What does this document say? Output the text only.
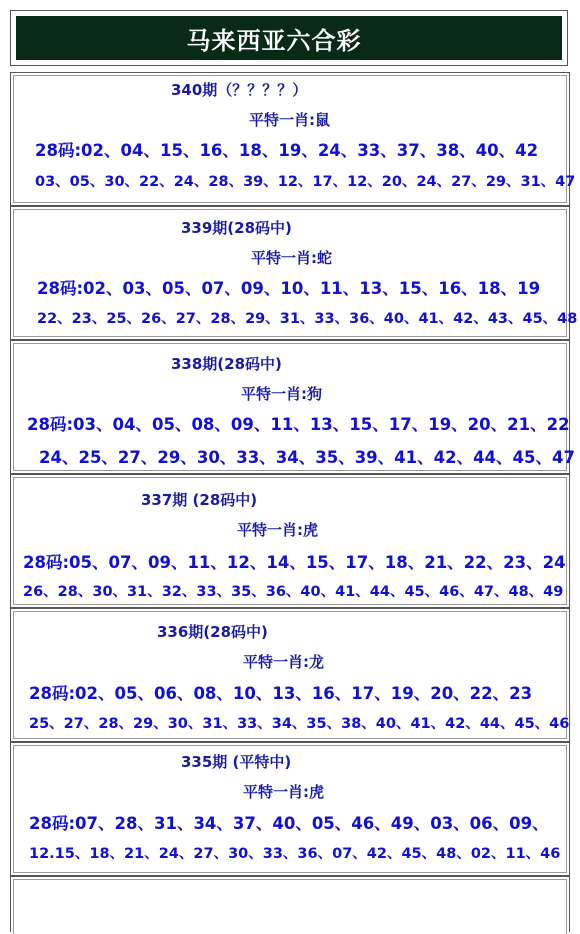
马来西亚六合彩
340期（？？？？）
平特一肖:鼠
28码:02、04、15、16、18、19、24、33、37、38、40、42
03、05、30、22、24、28、39、12、17、12、20、24、27、29、31、47
339期(28码中)
平特一肖:蛇
28码:02、03、05、07、09、10、11、13、15、16、18、19
22、23、25、26、27、28、29、31、33、36、40、41、42、43、45、48
338期(28码中)
平特一肖:狗
28码:03、04、05、08、09、11、13、15、17、19、20、21、22
24、25、27、29、30、33、34、35、39、41、42、44、45、47
337期 (28码中)
平特一肖:虎
28码:05、07、09、11、12、14、15、17、18、21、22、23、24
26、28、30、31、32、33、35、36、40、41、44、45、46、47、48、49
336期(28码中)
平特一肖:龙
28码:02、05、06、08、10、13、16、17、19、20、22、23
25、27、28、29、30、31、33、34、35、38、40、41、42、44、45、46
335期 (平特中)
平特一肖:虎
28码:07、28、31、34、37、40、05、46、49、03、06、09、
12.15、18、21、24、27、30、33、36、07、42、45、48、02、11、46
